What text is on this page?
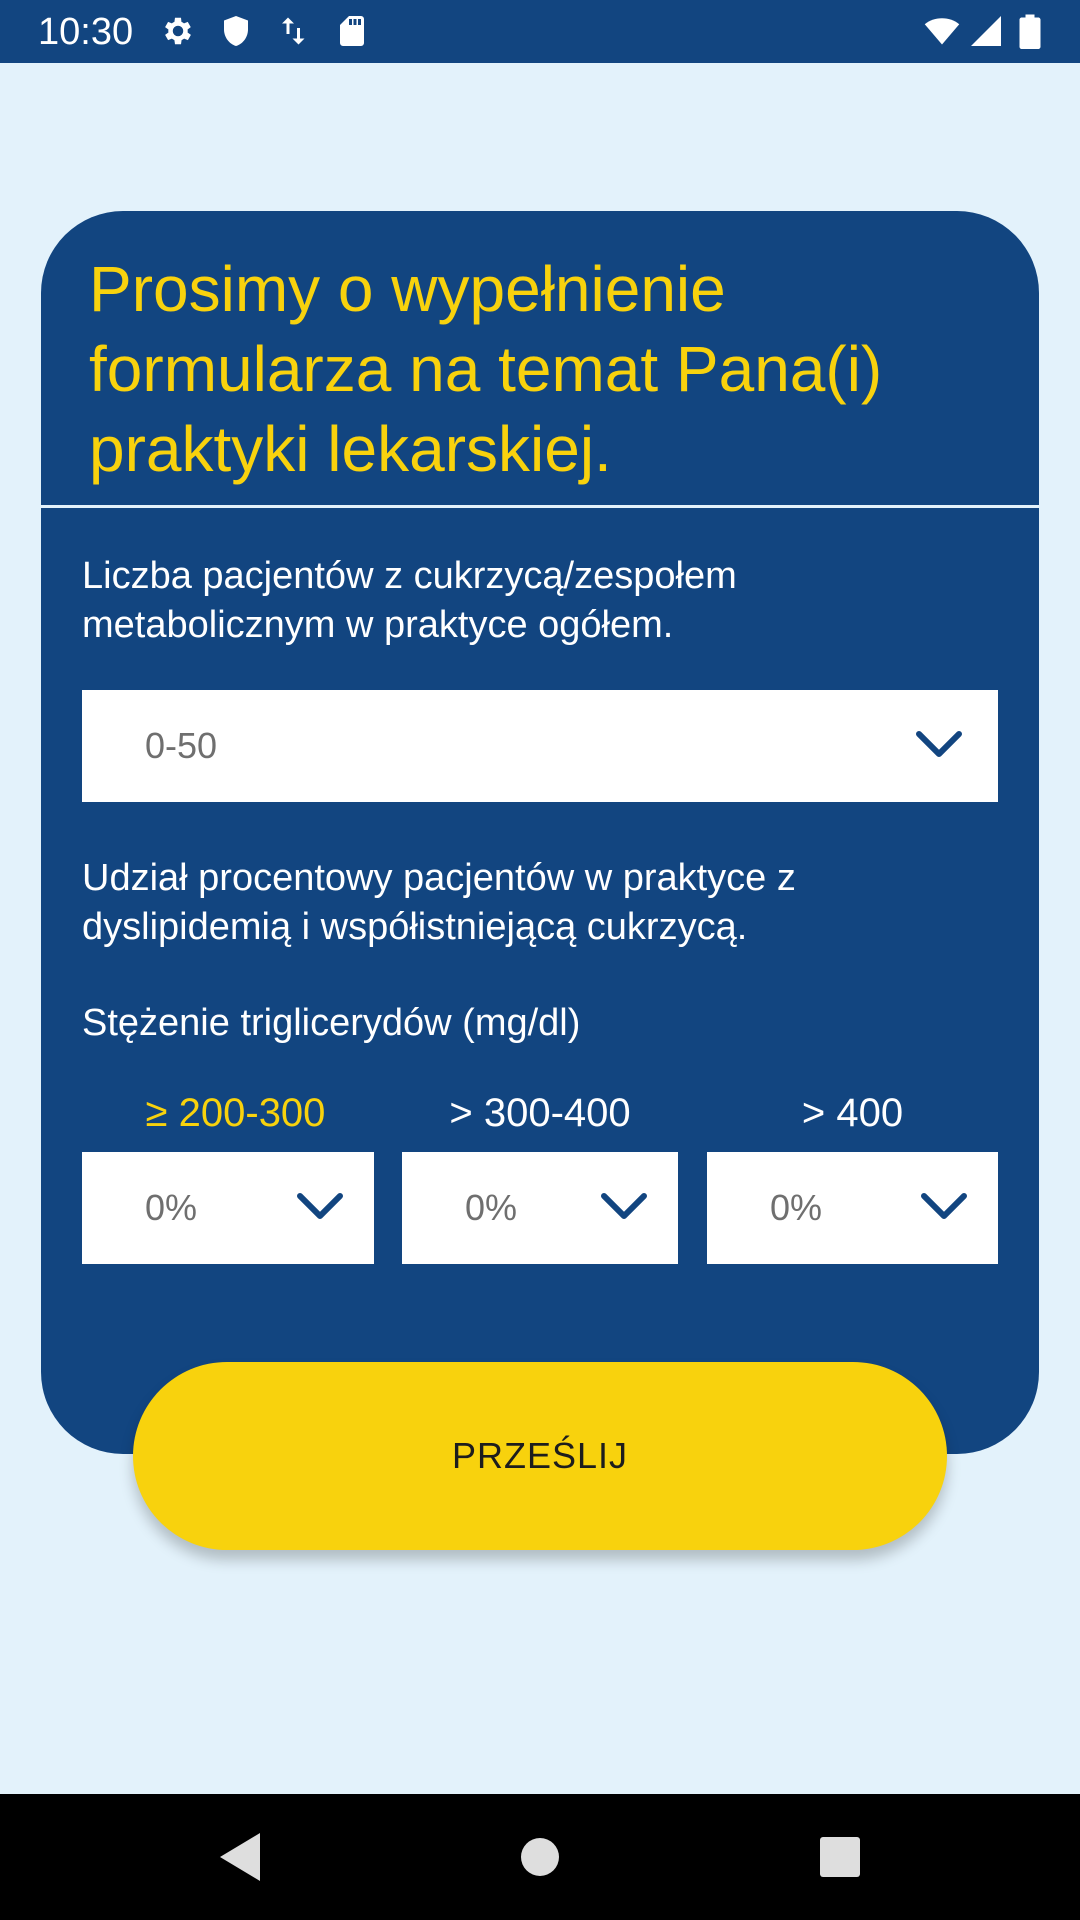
10:30
Prosimy o wypełnienie formularza na temat Pana(i) praktyki lekarskiej.

Liczba pacjentów z cukrzycą/zespołem metabolicznym w praktyce ogółem.

0-50

Udział procentowy pacjentów w praktyce z dyslipidemią i współistniejącą cukrzycą.

Stężenie triglicerydów (mg/dl)

≥ 200-300	> 300-400	> 400
0%	0%	0%
PRZEŚLIJ
